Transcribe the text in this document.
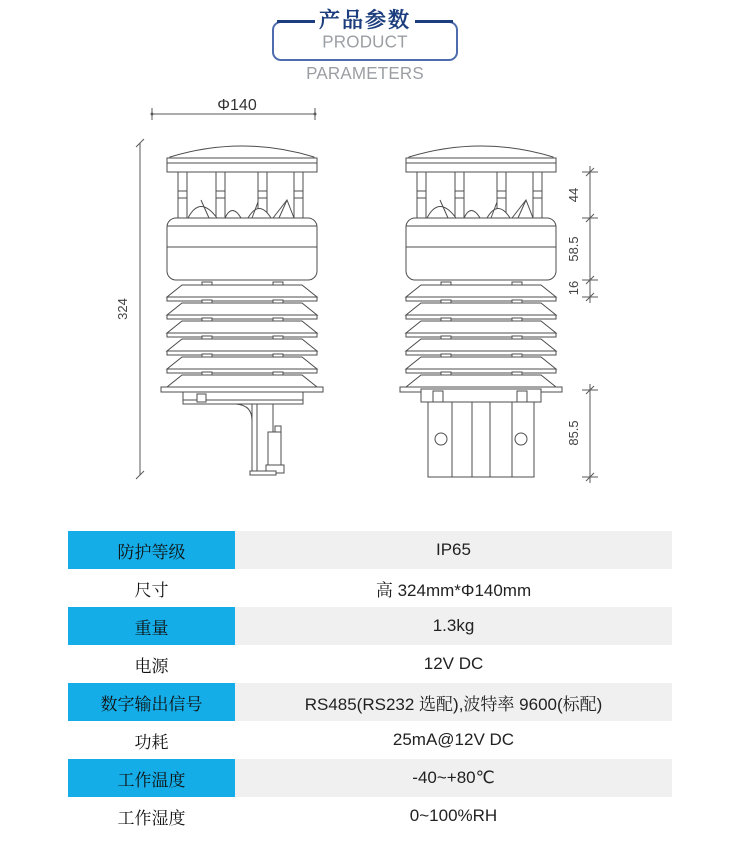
产品参数
PRODUCT PARAMETERS
Φ140
324
44
58.5
16
85.5
防护等级	IP65
尺寸	高 324mm*Φ140mm
重量	1.3kg
电源	12V DC
数字输出信号	RS485(RS232 选配),波特率 9600(标配)
功耗	25mA@12V DC
工作温度	-40~+80℃
工作湿度	0~100%RH
